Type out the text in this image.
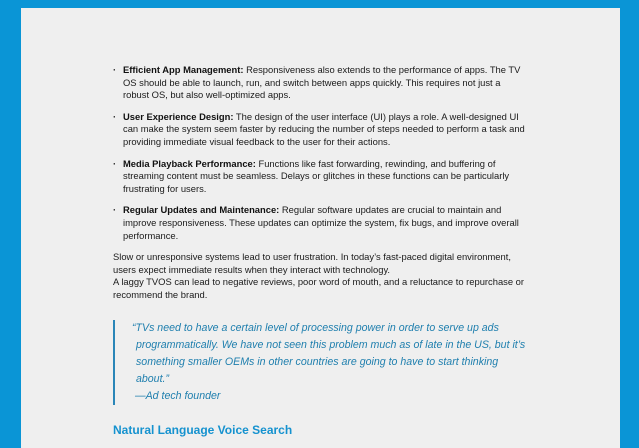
· Efficient App Management: Responsiveness also extends to the performance of apps. The TV OS should be able to launch, run, and switch between apps quickly. This requires not just a robust OS, but also well-optimized apps.
· User Experience Design: The design of the user interface (UI) plays a role. A well-designed UI can make the system seem faster by reducing the number of steps needed to perform a task and providing immediate visual feedback to the user for their actions.
· Media Playback Performance: Functions like fast forwarding, rewinding, and buffering of streaming content must be seamless. Delays or glitches in these functions can be particularly frustrating for users.
· Regular Updates and Maintenance: Regular software updates are crucial to maintain and improve responsiveness. These updates can optimize the system, fix bugs, and improve overall performance.

Slow or unresponsive systems lead to user frustration. In today’s fast-paced digital environment, users expect immediate results when they interact with technology.
A laggy TVOS can lead to negative reviews, poor word of mouth, and a reluctance to repurchase or recommend the brand.

“TVs need to have a certain level of processing power in order to serve up ads programmatically. We have not seen this problem much as of late in the US, but it’s something smaller OEMs in other countries are going to have to start thinking about.”
—Ad tech founder
Natural Language Voice Search
